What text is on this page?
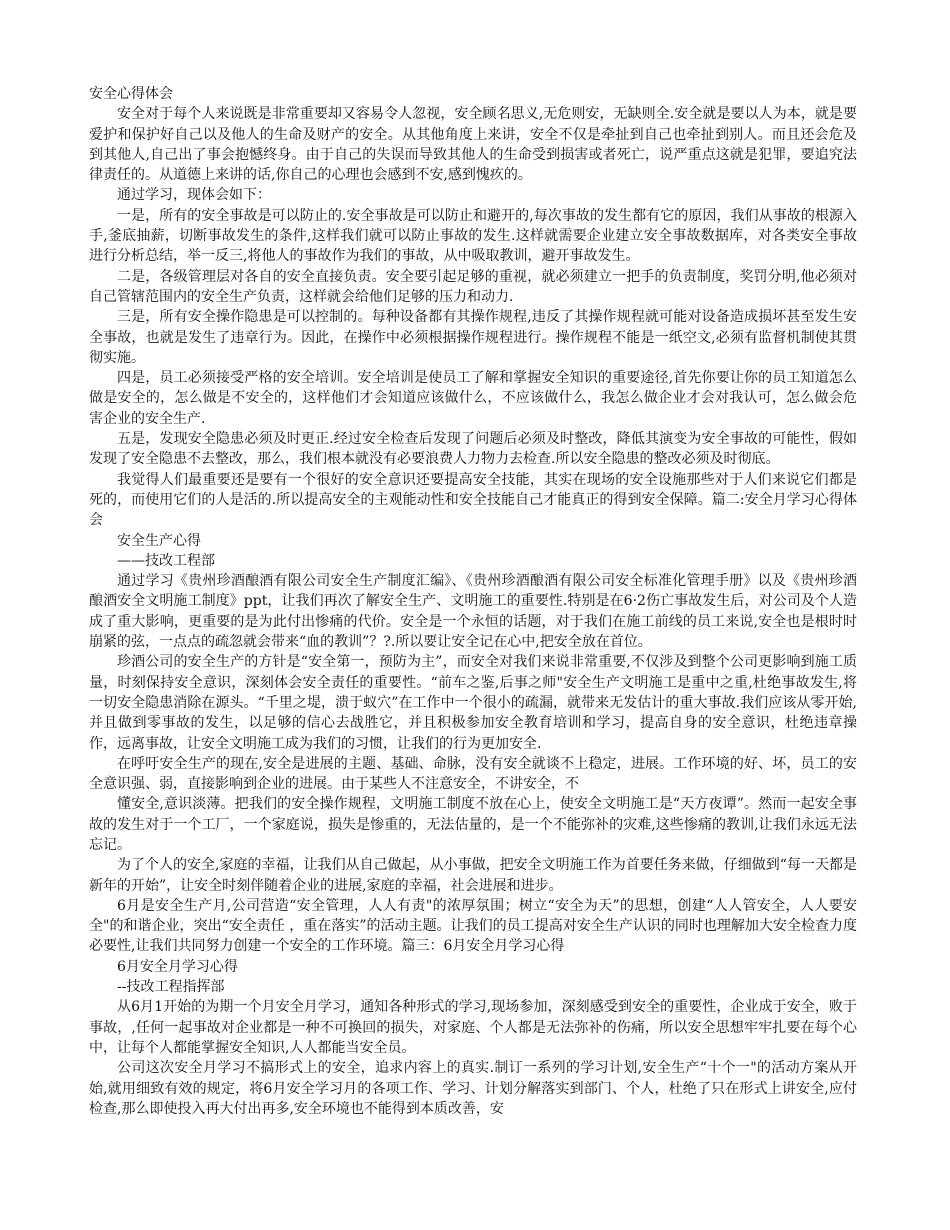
安全心得体会

安全对于每个人来说既是非常重要却又容易令人忽视，安全顾名思义,无危则安，无缺则全.安全就是要以人为本，就是要爱护和保护好自己以及他人的生命及财产的安全。从其他角度上来讲，安全不仅是牵扯到自己也牵扯到别人。而且还会危及到其他人,自己出了事会抱憾终身。由于自己的失误而导致其他人的生命受到损害或者死亡，说严重点这就是犯罪，要追究法律责任的。从道德上来讲的话,你自己的心理也会感到不安,感到愧疚的。

通过学习，现体会如下：

一是，所有的安全事故是可以防止的.安全事故是可以防止和避开的,每次事故的发生都有它的原因，我们从事故的根源入手,釜底抽薪，切断事故发生的条件,这样我们就可以防止事故的发生.这样就需要企业建立安全事故数据库，对各类安全事故进行分析总结，举一反三,将他人的事故作为我们的事故，从中吸取教训，避开事故发生。

二是，各级管理层对各自的安全直接负责。安全要引起足够的重视，就必须建立一把手的负责制度，奖罚分明,他必须对自己管辖范围内的安全生产负责，这样就会给他们足够的压力和动力.

三是，所有安全操作隐患是可以控制的。每种设备都有其操作规程,违反了其操作规程就可能对设备造成损坏甚至发生安全事故，也就是发生了违章行为。因此，在操作中必须根据操作规程进行。操作规程不能是一纸空文,必须有监督机制使其贯彻实施。

四是，员工必须接受严格的安全培训。安全培训是使员工了解和掌握安全知识的重要途径,首先你要让你的员工知道怎么做是安全的，怎么做是不安全的，这样他们才会知道应该做什么，不应该做什么，我怎么做企业才会对我认可，怎么做会危害企业的安全生产.

五是，发现安全隐患必须及时更正.经过安全检查后发现了问题后必须及时整改，降低其演变为安全事故的可能性，假如发现了安全隐患不去整改，那么，我们根本就没有必要浪费人力物力去检查.所以安全隐患的整改必须及时彻底。

我觉得人们最重要还是要有一个很好的安全意识还要提高安全技能，其实在现场的安全设施那些对于人们来说它们都是死的，而使用它们的人是活的.所以提高安全的主观能动性和安全技能自己才能真正的得到安全保障。篇二:安全月学习心得体会

安全生产心得

——技改工程部

通过学习《贵州珍酒酿酒有限公司安全生产制度汇编》、《贵州珍酒酿酒有限公司安全标准化管理手册》以及《贵州珍酒酿酒安全文明施工制度》ppt，让我们再次了解安全生产、文明施工的重要性.特别是在6·2伤亡事故发生后，对公司及个人造成了重大影响，更重要的是为此付出惨痛的代价。安全是一个永恒的话题，对于我们在施工前线的员工来说,安全也是根时时崩紧的弦，一点点的疏忽就会带来“血的教训”？?.所以要让安全记在心中,把安全放在首位。

珍酒公司的安全生产的方针是“安全第一，预防为主”，而安全对我们来说非常重要,不仅涉及到整个公司更影响到施工质量，时刻保持安全意识，深刻体会安全责任的重要性。“前车之鉴,后事之师"安全生产文明施工是重中之重,杜绝事故发生,将一切安全隐患消除在源头。“千里之堤，溃于蚁穴”在工作中一个很小的疏漏，就带来无发估计的重大事故.我们应该从零开始,并且做到零事故的发生，以足够的信心去战胜它，并且积极参加安全教育培训和学习，提高自身的安全意识，杜绝违章操作，远离事故，让安全文明施工成为我们的习惯，让我们的行为更加安全.

在呼吁安全生产的现在,安全是进展的主题、基础、命脉，没有安全就谈不上稳定，进展。工作环境的好、坏，员工的安全意识强、弱，直接影响到企业的进展。由于某些人不注意安全，不讲安全，不

懂安全,意识淡薄。把我们的安全操作规程，文明施工制度不放在心上，使安全文明施工是“天方夜谭”。然而一起安全事故的发生对于一个工厂，一个家庭说，损失是惨重的，无法估量的，是一个不能弥补的灾难,这些惨痛的教训,让我们永远无法忘记。

为了个人的安全,家庭的幸福，让我们从自己做起，从小事做，把安全文明施工作为首要任务来做，仔细做到“每一天都是新年的开始”，让安全时刻伴随着企业的进展,家庭的幸福，社会进展和进步。

6月是安全生产月,公司营造“安全管理，人人有责"的浓厚氛围；树立“安全为天”的思想，创建“人人管安全，人人要安全"的和谐企业，突出“安全责任 ，重在落实”的活动主题。让我们的员工提高对安全生产认识的同时也理解加大安全检查力度必要性,让我们共同努力创建一个安全的工作环境。篇三：6月安全月学习心得

6月安全月学习心得

--技改工程指挥部

从6月1开始的为期一个月安全月学习，通知各种形式的学习,现场参加，深刻感受到安全的重要性，企业成于安全，败于事故，,任何一起事故对企业都是一种不可换回的损失，对家庭、个人都是无法弥补的伤痛，所以安全思想牢牢扎要在每个心中，让每个人都能掌握安全知识,人人都能当安全员。

公司这次安全月学习不搞形式上的安全，追求内容上的真实.制订一系列的学习计划,安全生产“十个一"的活动方案从开始,就用细致有效的规定，将6月安全学习月的各项工作、学习、计划分解落实到部门、个人，杜绝了只在形式上讲安全,应付检查,那么即使投入再大付出再多,安全环境也不能得到本质改善，安
